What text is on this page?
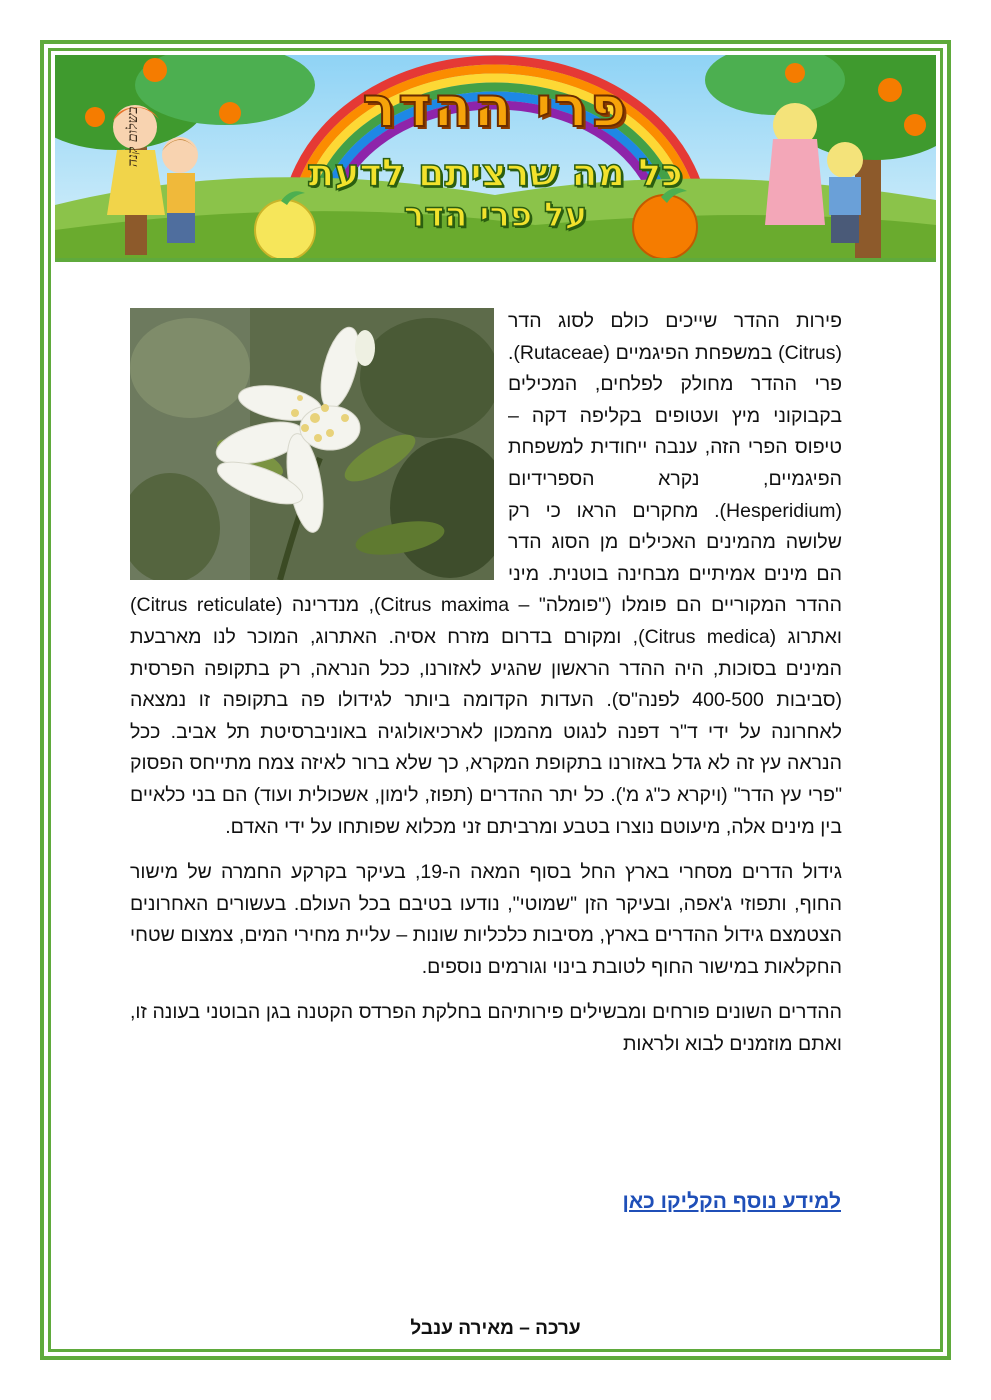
פרי ההדר
כל מה שרציתם לדעת
על פרי הדר
בשלום קנה

פירות ההדר שייכים כולם לסוג הדר (Citrus) במשפחת הפיגמיים (Rutaceae). פרי ההדר מחולק לפלחים, המכילים בקבוקוני מיץ ועטופים בקליפה דקה – טיפוס הפרי הזה, ענבה ייחודית למשפחת הפיגמיים, נקרא הספרידיום (Hesperidium). מחקרים הראו כי רק שלושה מהמינים האכילים מן הסוג הדר הם מינים אמיתיים מבחינה בוטנית. מיני ההדר המקוריים הם פומלו ("פומלה" – Citrus maxima), מנדרינה (Citrus reticulate) ואתרוג (Citrus medica), ומקורם בדרום מזרח אסיה. האתרוג, המוכר לנו מארבעת המינים בסוכות, היה ההדר הראשון שהגיע לאזורנו, ככל הנראה, רק בתקופה הפרסית (סביבות 400-500 לפנה"ס). העדות הקדומה ביותר לגידולו פה בתקופה זו נמצאה לאחרונה על ידי ד"ר דפנה לנגוט מהמכון לארכיאולוגיה באוניברסיטת תל אביב. ככל הנראה עץ זה לא גדל באזורנו בתקופת המקרא, כך שלא ברור לאיזה צמח מתייחס הפסוק "פרי עץ הדר" (ויקרא כ"ג מ'). כל יתר ההדרים (תפוז, לימון, אשכולית ועוד) הם בני כלאיים בין מינים אלה, מיעוטם נוצרו בטבע ומרביתם זני מכלוא שפותחו על ידי האדם.

גידול הדרים מסחרי בארץ החל בסוף המאה ה-19, בעיקר בקרקע החמרה של מישור החוף, ותפוזי ג'אפה, ובעיקר הזן "שמוטי", נודעו בטיבם בכל העולם. בעשורים האחרונים הצטמצם גידול ההדרים בארץ, מסיבות כלכליות שונות – עליית מחירי המים, צמצום שטחי החקלאות במישור החוף לטובת בינוי וגורמים נוספים.

ההדרים השונים פורחים ומבשילים פירותיהם בחלקת הפרדס הקטנה בגן הבוטני בעונה זו, ואתם מוזמנים לבוא ולראות

למידע נוסף הקליקו כאן
ערכה – מאירה ענבל
